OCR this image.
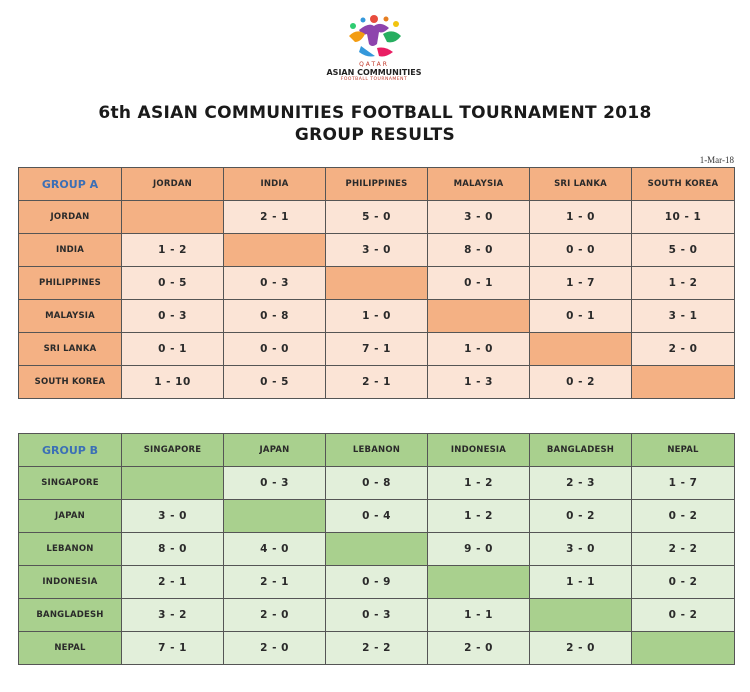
QATAR
ASIAN COMMUNITIES
FOOTBALL TOURNAMENT
6th ASIAN COMMUNITIES FOOTBALL TOURNAMENT 2018
GROUP RESULTS
1-Mar-18
GROUP A	JORDAN	INDIA	PHILIPPINES	MALAYSIA	SRI LANKA	SOUTH KOREA
JORDAN		2 - 1	5 - 0	3 - 0	1 - 0	10 - 1
INDIA	1 - 2		3 - 0	8 - 0	0 - 0	5 - 0
PHILIPPINES	0 - 5	0 - 3		0 - 1	1 - 7	1 - 2
MALAYSIA	0 - 3	0 - 8	1 - 0		0 - 1	3 - 1
SRI LANKA	0 - 1	0 - 0	7 - 1	1 - 0		2 - 0
SOUTH KOREA	1 - 10	0 - 5	2 - 1	1 - 3	0 - 2	
GROUP B	SINGAPORE	JAPAN	LEBANON	INDONESIA	BANGLADESH	NEPAL
SINGAPORE		0 - 3	0 - 8	1 - 2	2 - 3	1 - 7
JAPAN	3 - 0		0 - 4	1 - 2	0 - 2	0 - 2
LEBANON	8 - 0	4 - 0		9 - 0	3 - 0	2 - 2
INDONESIA	2 - 1	2 - 1	0 - 9		1 - 1	0 - 2
BANGLADESH	3 - 2	2 - 0	0 - 3	1 - 1		0 - 2
NEPAL	7 - 1	2 - 0	2 - 2	2 - 0	2 - 0	
